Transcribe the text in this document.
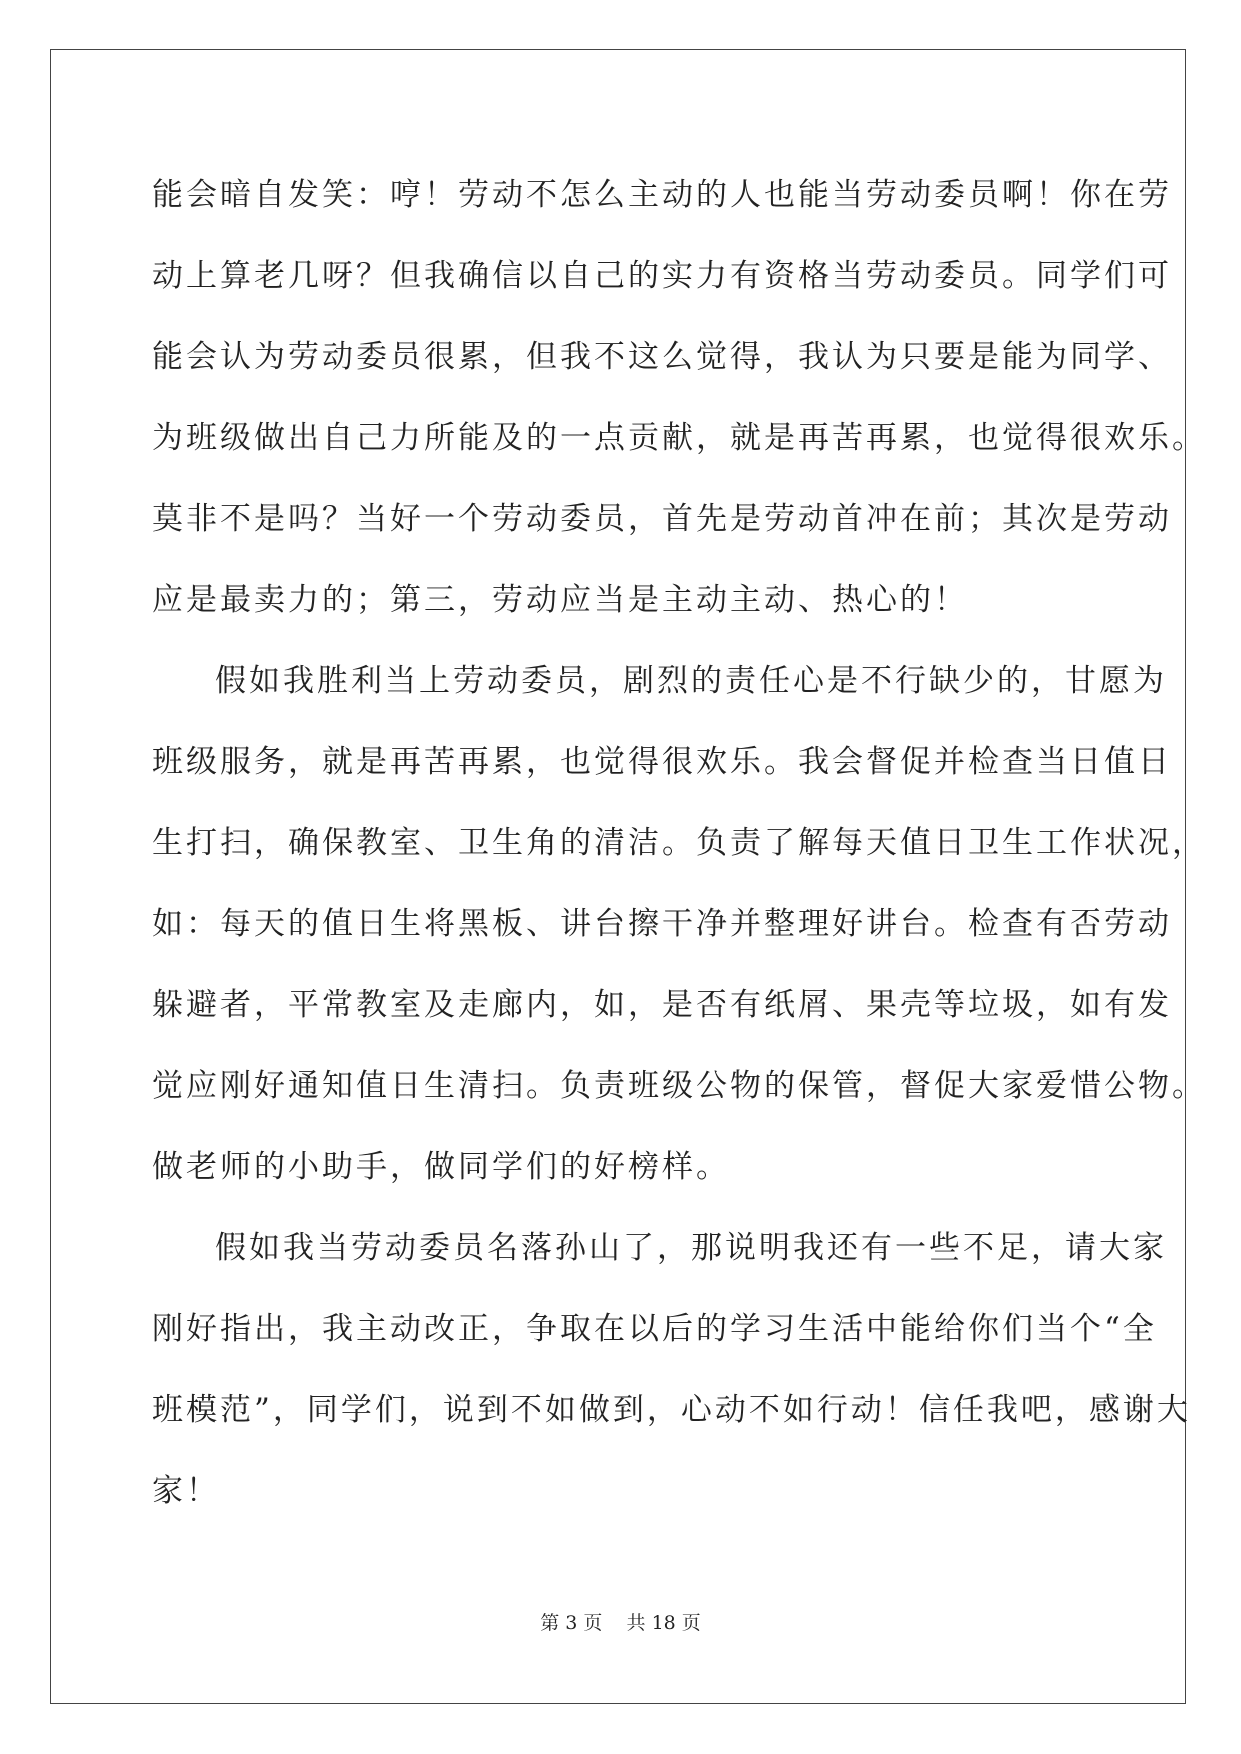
能会暗自发笑：哼！劳动不怎么主动的人也能当劳动委员啊！你在劳
动上算老几呀？但我确信以自己的实力有资格当劳动委员。同学们可
能会认为劳动委员很累，但我不这么觉得，我认为只要是能为同学、
为班级做出自己力所能及的一点贡献，就是再苦再累，也觉得很欢乐。
莫非不是吗？当好一个劳动委员，首先是劳动首冲在前；其次是劳动
应是最卖力的；第三，劳动应当是主动主动、热心的！
假如我胜利当上劳动委员，剧烈的责任心是不行缺少的，甘愿为
班级服务，就是再苦再累，也觉得很欢乐。我会督促并检查当日值日
生打扫，确保教室、卫生角的清洁。负责了解每天值日卫生工作状况，
如：每天的值日生将黑板、讲台擦干净并整理好讲台。检查有否劳动
躲避者，平常教室及走廊内，如，是否有纸屑、果壳等垃圾，如有发
觉应刚好通知值日生清扫。负责班级公物的保管，督促大家爱惜公物。
做老师的小助手，做同学们的好榜样。
假如我当劳动委员名落孙山了，那说明我还有一些不足，请大家
刚好指出，我主动改正，争取在以后的学习生活中能给你们当个“全
班模范”，同学们，说到不如做到，心动不如行动！信任我吧，感谢大
家！
第 3 页    共 18 页
